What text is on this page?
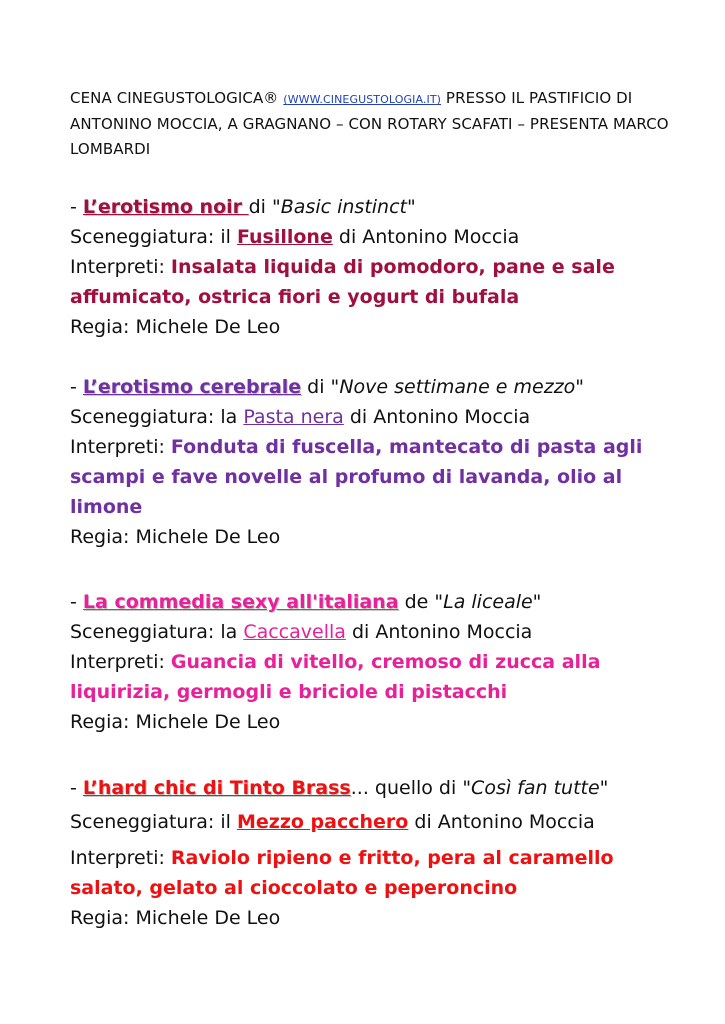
CENA CINEGUSTOLOGICA® (WWW.CINEGUSTOLOGIA.IT) PRESSO IL PASTIFICIO DI ANTONINO MOCCIA, A GRAGNANO – CON ROTARY SCAFATI – PRESENTA MARCO LOMBARDI

- L’erotismo noir di "Basic instinct"
Sceneggiatura: il Fusillone di Antonino Moccia
Interpreti: Insalata liquida di pomodoro, pane e sale affumicato, ostrica fiori e yogurt di bufala
Regia: Michele De Leo
- L’erotismo cerebrale di "Nove settimane e mezzo"
Sceneggiatura: la Pasta nera di Antonino Moccia
Interpreti: Fonduta di fuscella, mantecato di pasta agli scampi e fave novelle al profumo di lavanda, olio al limone
Regia: Michele De Leo
- La commedia sexy all'italiana de "La liceale"
Sceneggiatura: la Caccavella di Antonino Moccia
Interpreti: Guancia di vitello, cremoso di zucca alla liquirizia, germogli e briciole di pistacchi
Regia: Michele De Leo
- L’hard chic di Tinto Brass... quello di "Così fan tutte"
Sceneggiatura: il Mezzo pacchero di Antonino Moccia
Interpreti: Raviolo ripieno e fritto, pera al caramello salato, gelato al cioccolato e peperoncino
Regia: Michele De Leo
